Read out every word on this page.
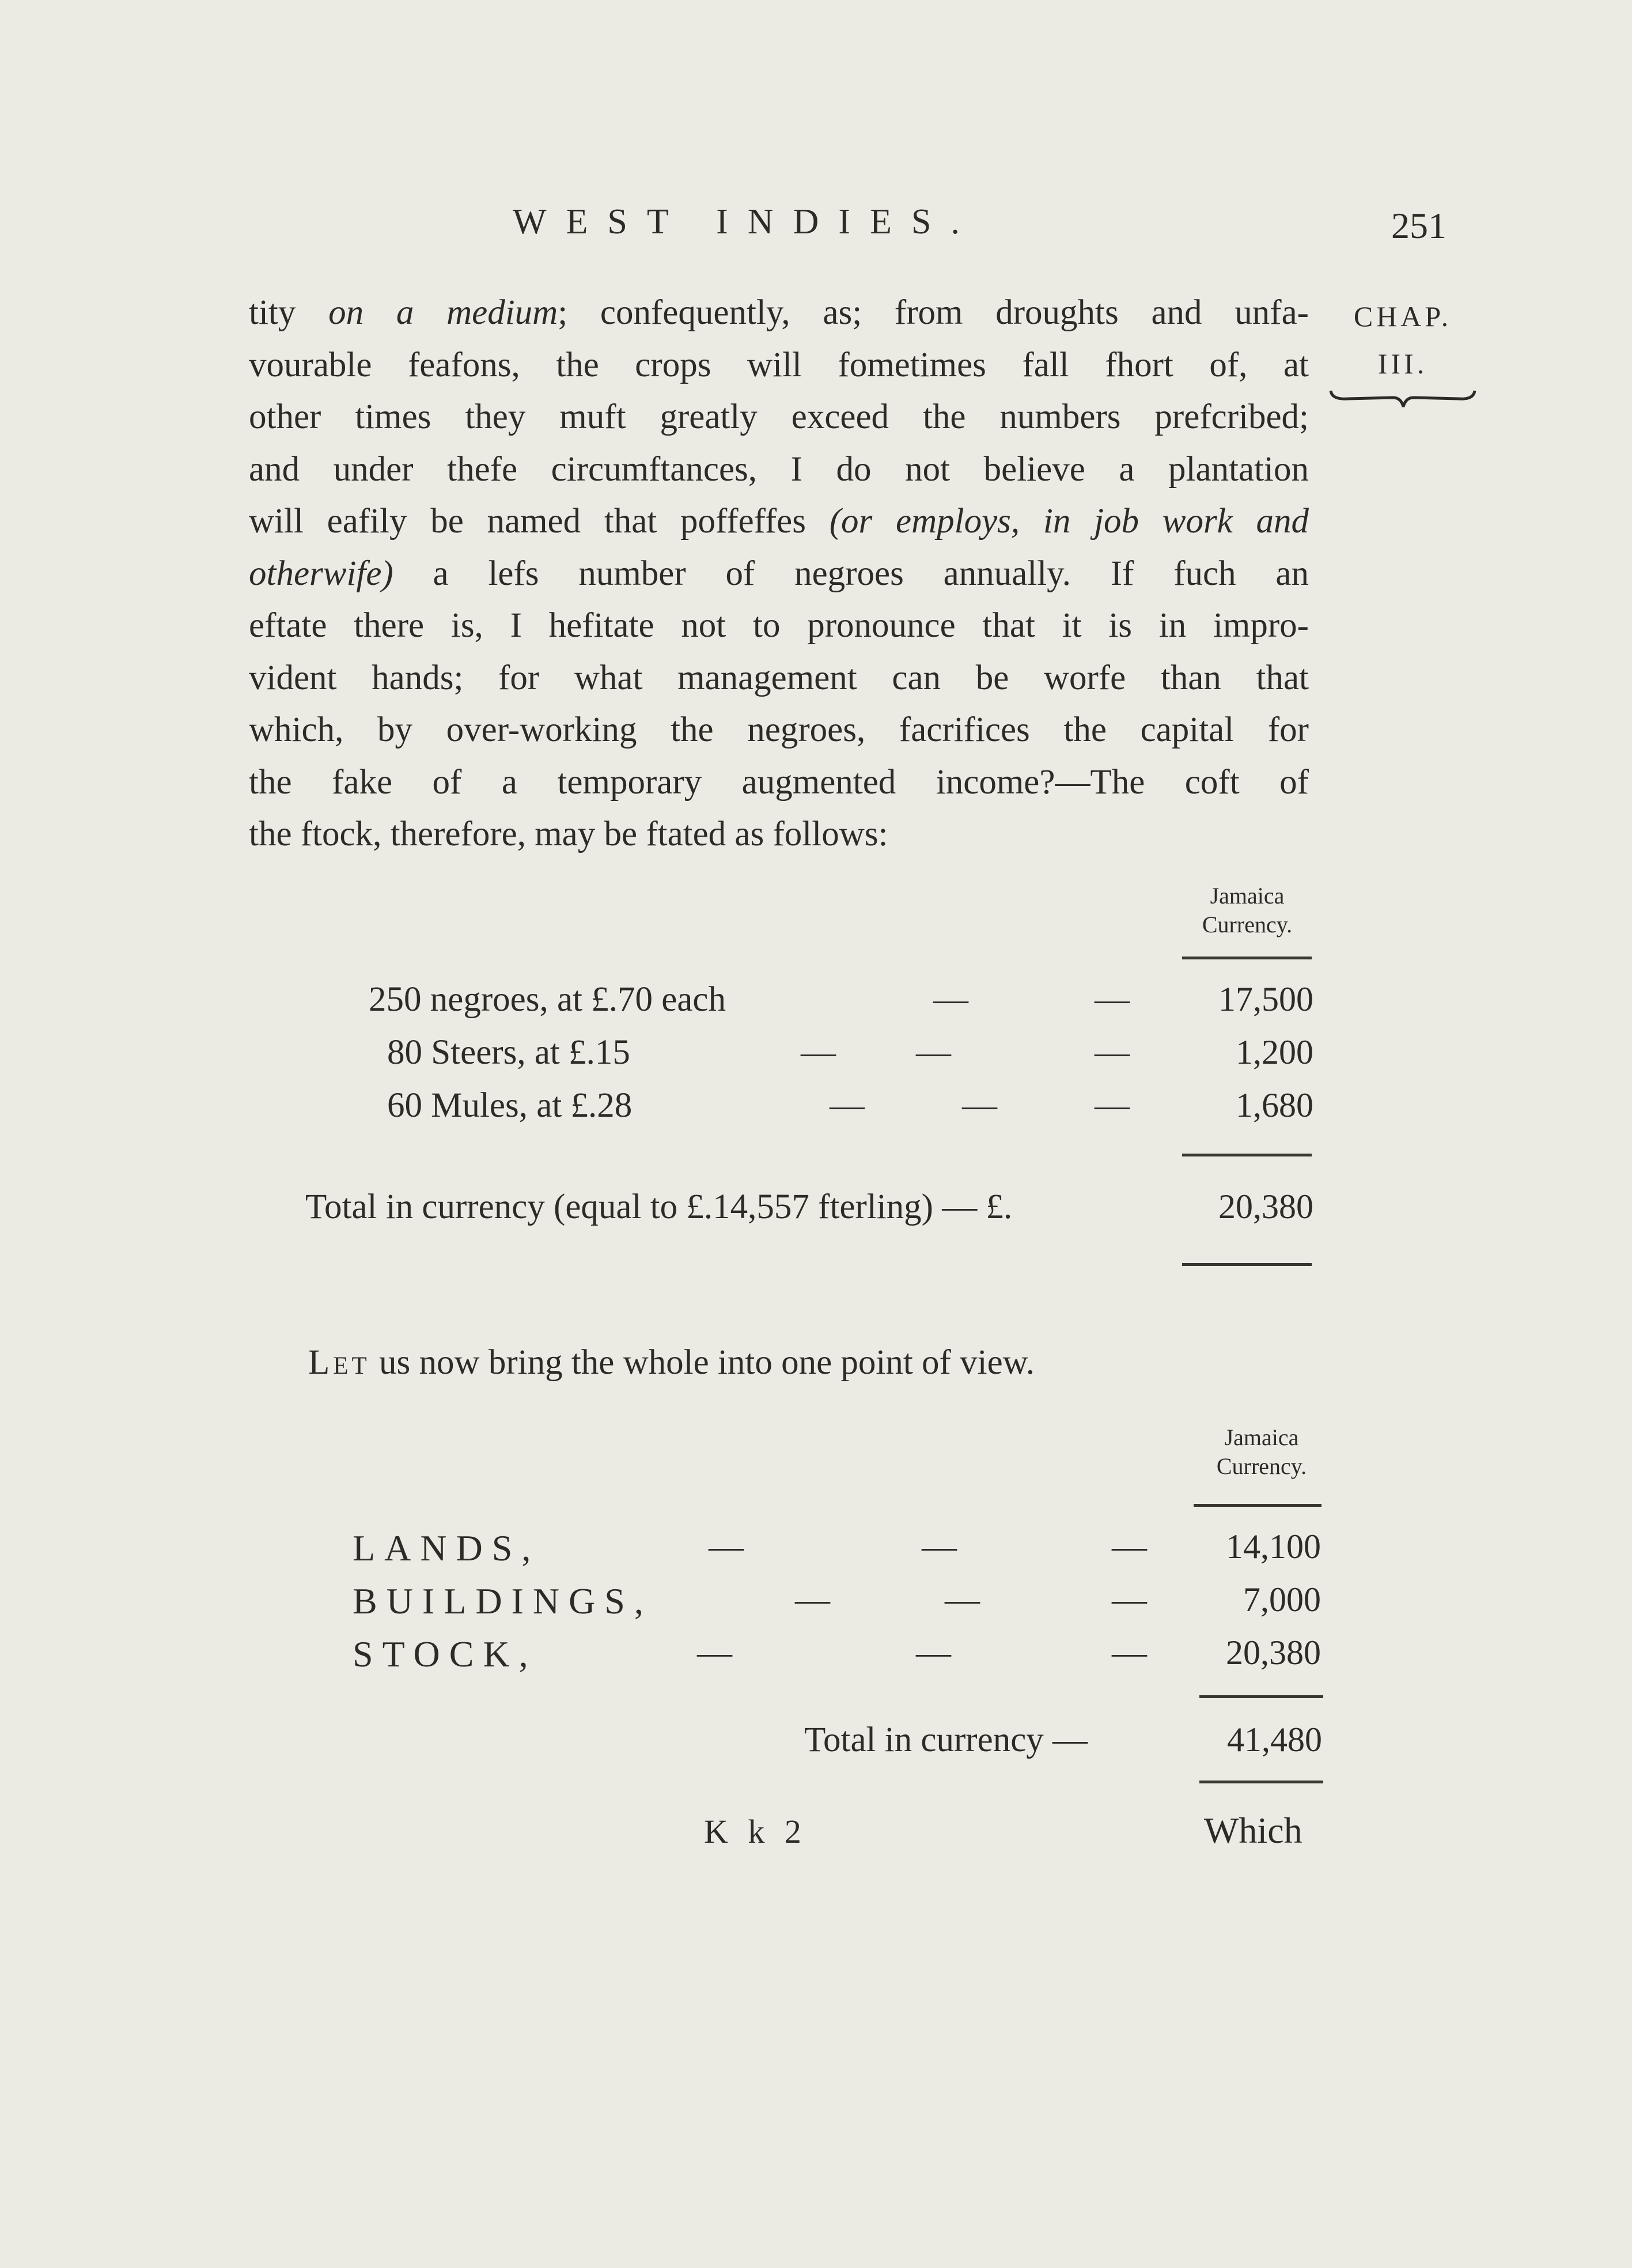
WEST INDIES.	251
CHAP.
III.
tity on a medium; confequently, as; from droughts and unfa-
vourable feafons, the crops will fometimes fall fhort of, at
other times they muft greatly exceed the numbers prefcribed;
and under thefe circumftances, I do not believe a plantation
will eafily be named that poffeffes (or employs, in job work and
otherwife) a lefs number of negroes annually. If fuch an
eftate there is, I hefitate not to pronounce that it is in impro-
vident hands; for what management can be worfe than that
which, by over-working the negroes, facrifices the capital for
the fake of a temporary augmented income?—The coft of
the ftock, therefore, may be ftated as follows:
Jamaica
Currency.
250 negroes, at £.70 each	—	—	17,500
80 Steers, at £.15	— —	—	1,200
60 Mules, at £.28	—	—	—	1,680
Total in currency (equal to £.14,557 fterling) — £.	20,380
Let us now bring the whole into one point of view.
Jamaica
Currency.
LANDS,	—	—	—	14,100
BUILDINGS,	—	—	—	7,000
STOCK,	—	—	—	20,380
Total in currency —	41,480
K k 2	Which
